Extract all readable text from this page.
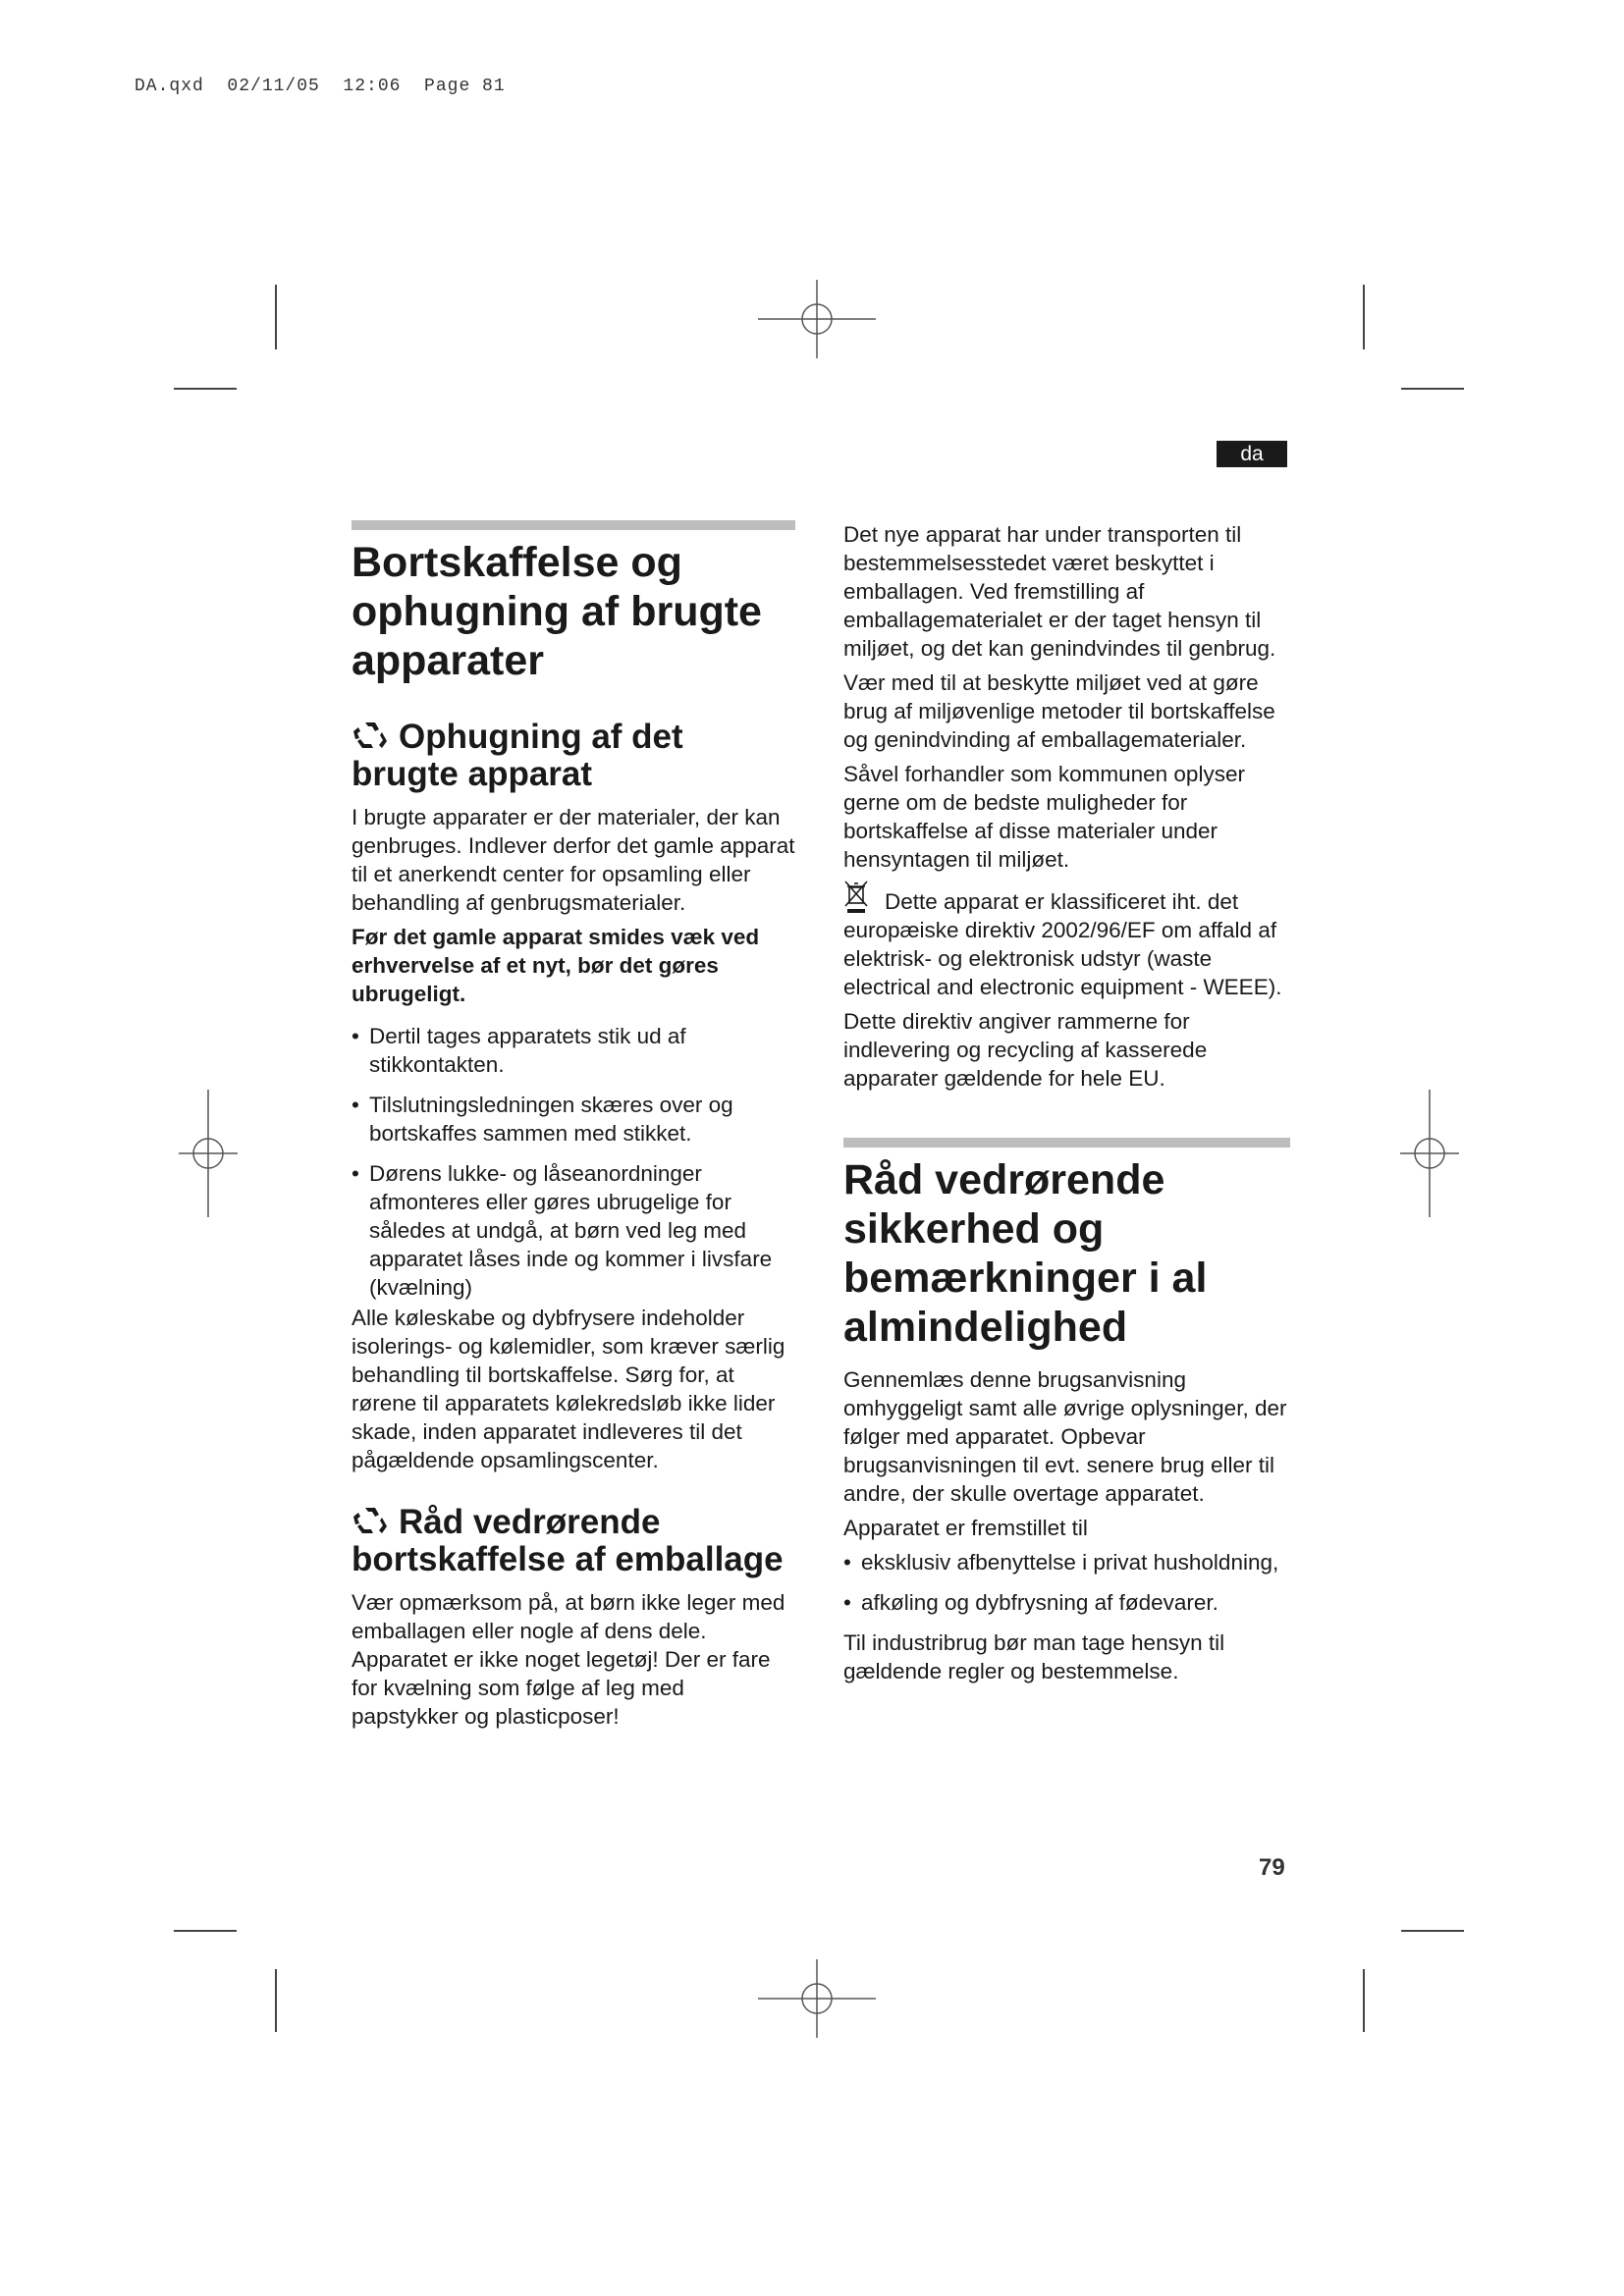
DA.qxd  02/11/05  12:06  Page 81
da
Bortskaffelse og ophugning af brugte apparater
Ophugning af det brugte apparat

I brugte apparater er der materialer, der kan genbruges. Indlever derfor det gamle apparat til et anerkendt center for opsamling eller behandling af genbrugsmaterialer.

Før det gamle apparat smides væk ved erhvervelse af et nyt, bør det gøres ubrugeligt.

• Dertil tages apparatets stik ud af stikkontakten.
• Tilslutningsledningen skæres over og bortskaffes sammen med stikket.
• Dørens lukke- og låseanordninger afmonteres eller gøres ubrugelige for således at undgå, at børn ved leg med apparatet låses inde og kommer i livsfare (kvælning)

Alle køleskabe og dybfrysere indeholder isolerings- og kølemidler, som kræver særlig behandling til bortskaffelse. Sørg for, at rørene til apparatets kølekredsløb ikke lider skade, inden apparatet indleveres til det pågældende opsamlingscenter.

Råd vedrørende bortskaffelse af emballage

Vær opmærksom på, at børn ikke leger med emballagen eller nogle af dens dele. Apparatet er ikke noget legetøj! Der er fare for kvælning som følge af leg med papstykker og plasticposer!

Det nye apparat har under transporten til bestemmelsesstedet været beskyttet i emballagen. Ved fremstilling af emballagematerialet er der taget hensyn til miljøet, og det kan genindvindes til genbrug.

Vær med til at beskytte miljøet ved at gøre brug af miljøvenlige metoder til bortskaffelse og genindvinding af emballagematerialer.

Såvel forhandler som kommunen oplyser gerne om de bedste muligheder for bortskaffelse af disse materialer under hensyntagen til miljøet.

Dette apparat er klassificeret iht. det europæiske direktiv 2002/96/EF om affald af elektrisk- og elektronisk udstyr (waste electrical and electronic equipment - WEEE).

Dette direktiv angiver rammerne for indlevering og recycling af kasserede apparater gældende for hele EU.

Råd vedrørende sikkerhed og bemærkninger i al almindelighed

Gennemlæs denne brugsanvisning omhyggeligt samt alle øvrige oplysninger, der følger med apparatet. Opbevar brugsanvisningen til evt. senere brug eller til andre, der skulle overtage apparatet.

Apparatet er fremstillet til

• eksklusiv afbenyttelse i privat husholdning,
• afkøling og dybfrysning af fødevarer.

Til industribrug bør man tage hensyn til gældende regler og bestemmelse.

79
